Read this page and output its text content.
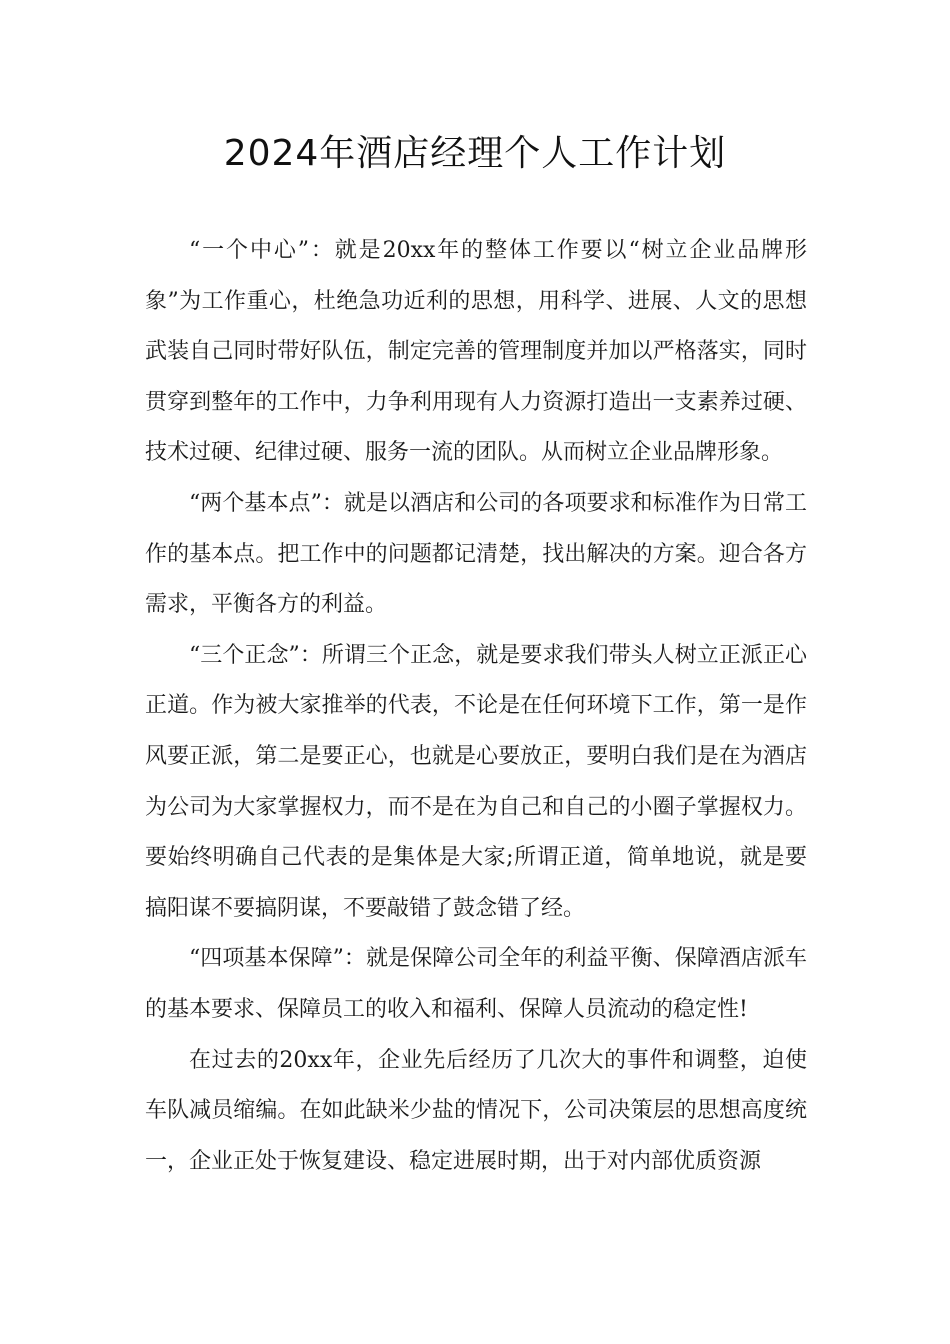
2024年酒店经理个人工作计划

“一个中心”：就是20xx年的整体工作要以“树立企业品牌形象”为工作重心，杜绝急功近利的思想，用科学、进展、人文的思想武装自己同时带好队伍，制定完善的管理制度并加以严格落实，同时贯穿到整年的工作中，力争利用现有人力资源打造出一支素养过硬、技术过硬、纪律过硬、服务一流的团队。从而树立企业品牌形象。

“两个基本点”：就是以酒店和公司的各项要求和标准作为日常工作的基本点。把工作中的问题都记清楚，找出解决的方案。迎合各方需求，平衡各方的利益。

“三个正念”：所谓三个正念，就是要求我们带头人树立正派正心正道。作为被大家推举的代表，不论是在任何环境下工作，第一是作风要正派，第二是要正心，也就是心要放正，要明白我们是在为酒店为公司为大家掌握权力，而不是在为自己和自己的小圈子掌握权力。要始终明确自己代表的是集体是大家;所谓正道，简单地说，就是要搞阳谋不要搞阴谋，不要敲错了鼓念错了经。

“四项基本保障”：就是保障公司全年的利益平衡、保障酒店派车的基本要求、保障员工的收入和福利、保障人员流动的稳定性!

在过去的20xx年，企业先后经历了几次大的事件和调整，迫使车队减员缩编。在如此缺米少盐的情况下，公司决策层的思想高度统一，企业正处于恢复建设、稳定进展时期，出于对内部优质资源
